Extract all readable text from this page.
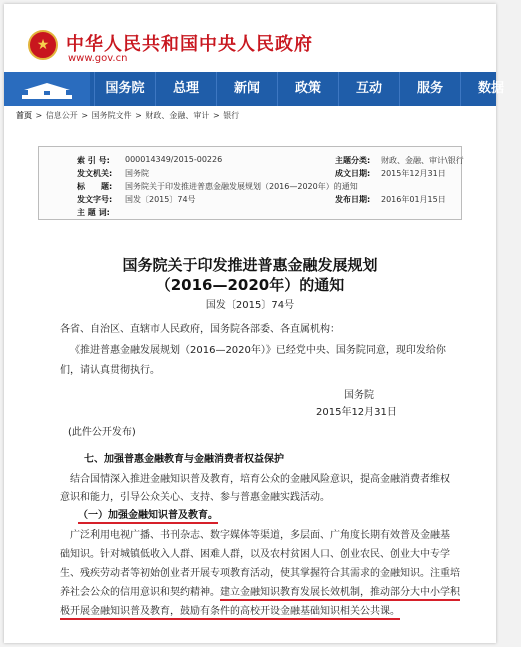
★
中华人民共和国中央人民政府
www.gov.cn
国务院	总理	新闻	政策	互动	服务	数据
首页 > 信息公开 > 国务院文件 > 财政、金融、审计 > 银行
索 引 号:	000014349/2015-00226	主题分类:	财政、金融、审计\银行
发文机关:	国务院	成文日期:	2015年12月31日
标　　题:	国务院关于印发推进普惠金融发展规划（2016—2020年）的通知
发文字号:	国发〔2015〕74号	发布日期:	2016年01月15日
主 题 词:
国务院关于印发推进普惠金融发展规划
（2016—2020年）的通知
国发〔2015〕74号
各省、自治区、直辖市人民政府，国务院各部委、各直属机构：
《推进普惠金融发展规划（2016—2020年）》已经党中央、国务院同意，现印发给你
们，请认真贯彻执行。
国务院
2015年12月31日
(此件公开发布)
七、加强普惠金融教育与金融消费者权益保护
结合国情深入推进金融知识普及教育，培育公众的金融风险意识，提高金融消费者维权
意识和能力，引导公众关心、支持、参与普惠金融实践活动。
（一）加强金融知识普及教育。
广泛利用电视广播、书刊杂志、数字媒体等渠道，多层面、广角度长期有效普及金融基
础知识。针对城镇低收入人群、困难人群，以及农村贫困人口、创业农民、创业大中专学
生、残疾劳动者等初始创业者开展专项教育活动，使其掌握符合其需求的金融知识。注重培
养社会公众的信用意识和契约精神。建立金融知识教育发展长效机制，推动部分大中小学积
极开展金融知识普及教育，鼓励有条件的高校开设金融基础知识相关公共课。
